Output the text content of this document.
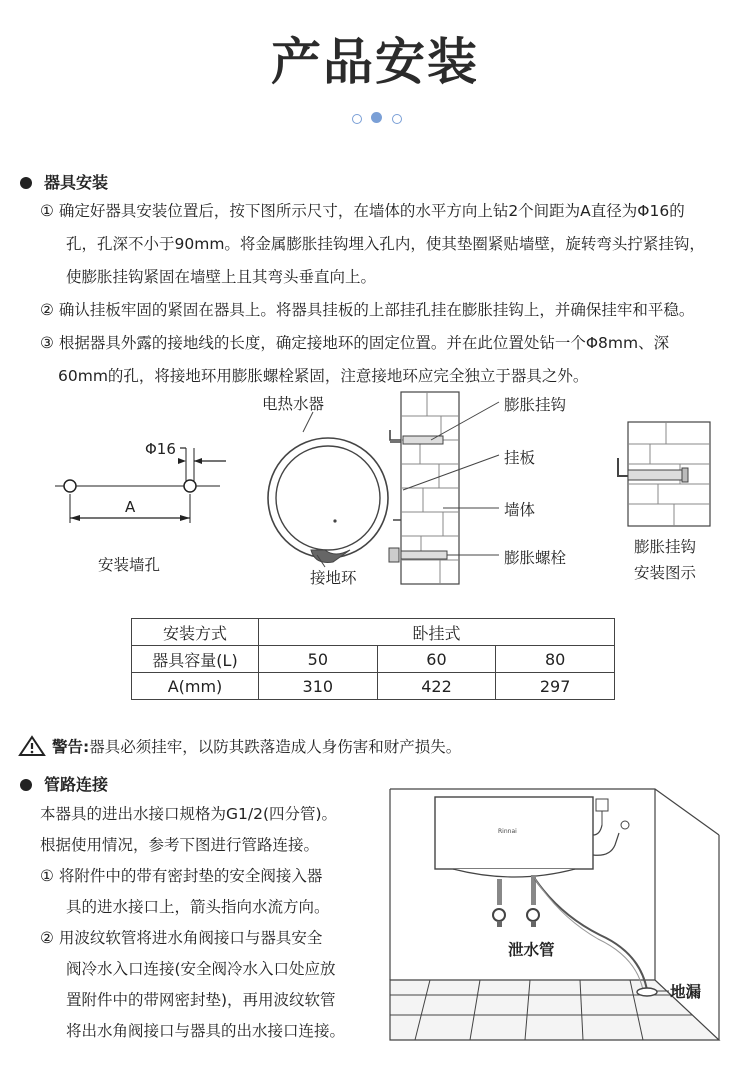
产品安装
器具安装
① 确定好器具安装位置后，按下图所示尺寸，在墙体的水平方向上钻2个间距为A直径为Φ16的
孔，孔深不小于90mm。将金属膨胀挂钩埋入孔内，使其垫圈紧贴墙壁，旋转弯头拧紧挂钩，
使膨胀挂钩紧固在墙壁上且其弯头垂直向上。
② 确认挂板牢固的紧固在器具上。将器具挂板的上部挂孔挂在膨胀挂钩上，并确保挂牢和平稳。
③ 根据器具外露的接地线的长度，确定接地环的固定位置。并在此位置处钻一个Φ8mm、深
60mm的孔，将接地环用膨胀螺栓紧固，注意接地环应完全独立于器具之外。
Φ16
A
安装墙孔
电热水器
接地环
膨胀挂钩
挂板
墙体
膨胀螺栓
膨胀挂钩
安装图示
安装方式	卧挂式		
器具容量(L)	50	60	80
A(mm)	310	422	297
警告:器具必须挂牢，以防其跌落造成人身伤害和财产损失。
管路连接
本器具的进出水接口规格为G1/2(四分管)。
根据使用情况，参考下图进行管路连接。
① 将附件中的带有密封垫的安全阀接入器
具的进水接口上，箭头指向水流方向。
② 用波纹软管将进水角阀接口与器具安全
阀冷水入口连接(安全阀冷水入口处应放
置附件中的带网密封垫)，再用波纹软管
将出水角阀接口与器具的出水接口连接。
Rinnai
泄水管
地漏
